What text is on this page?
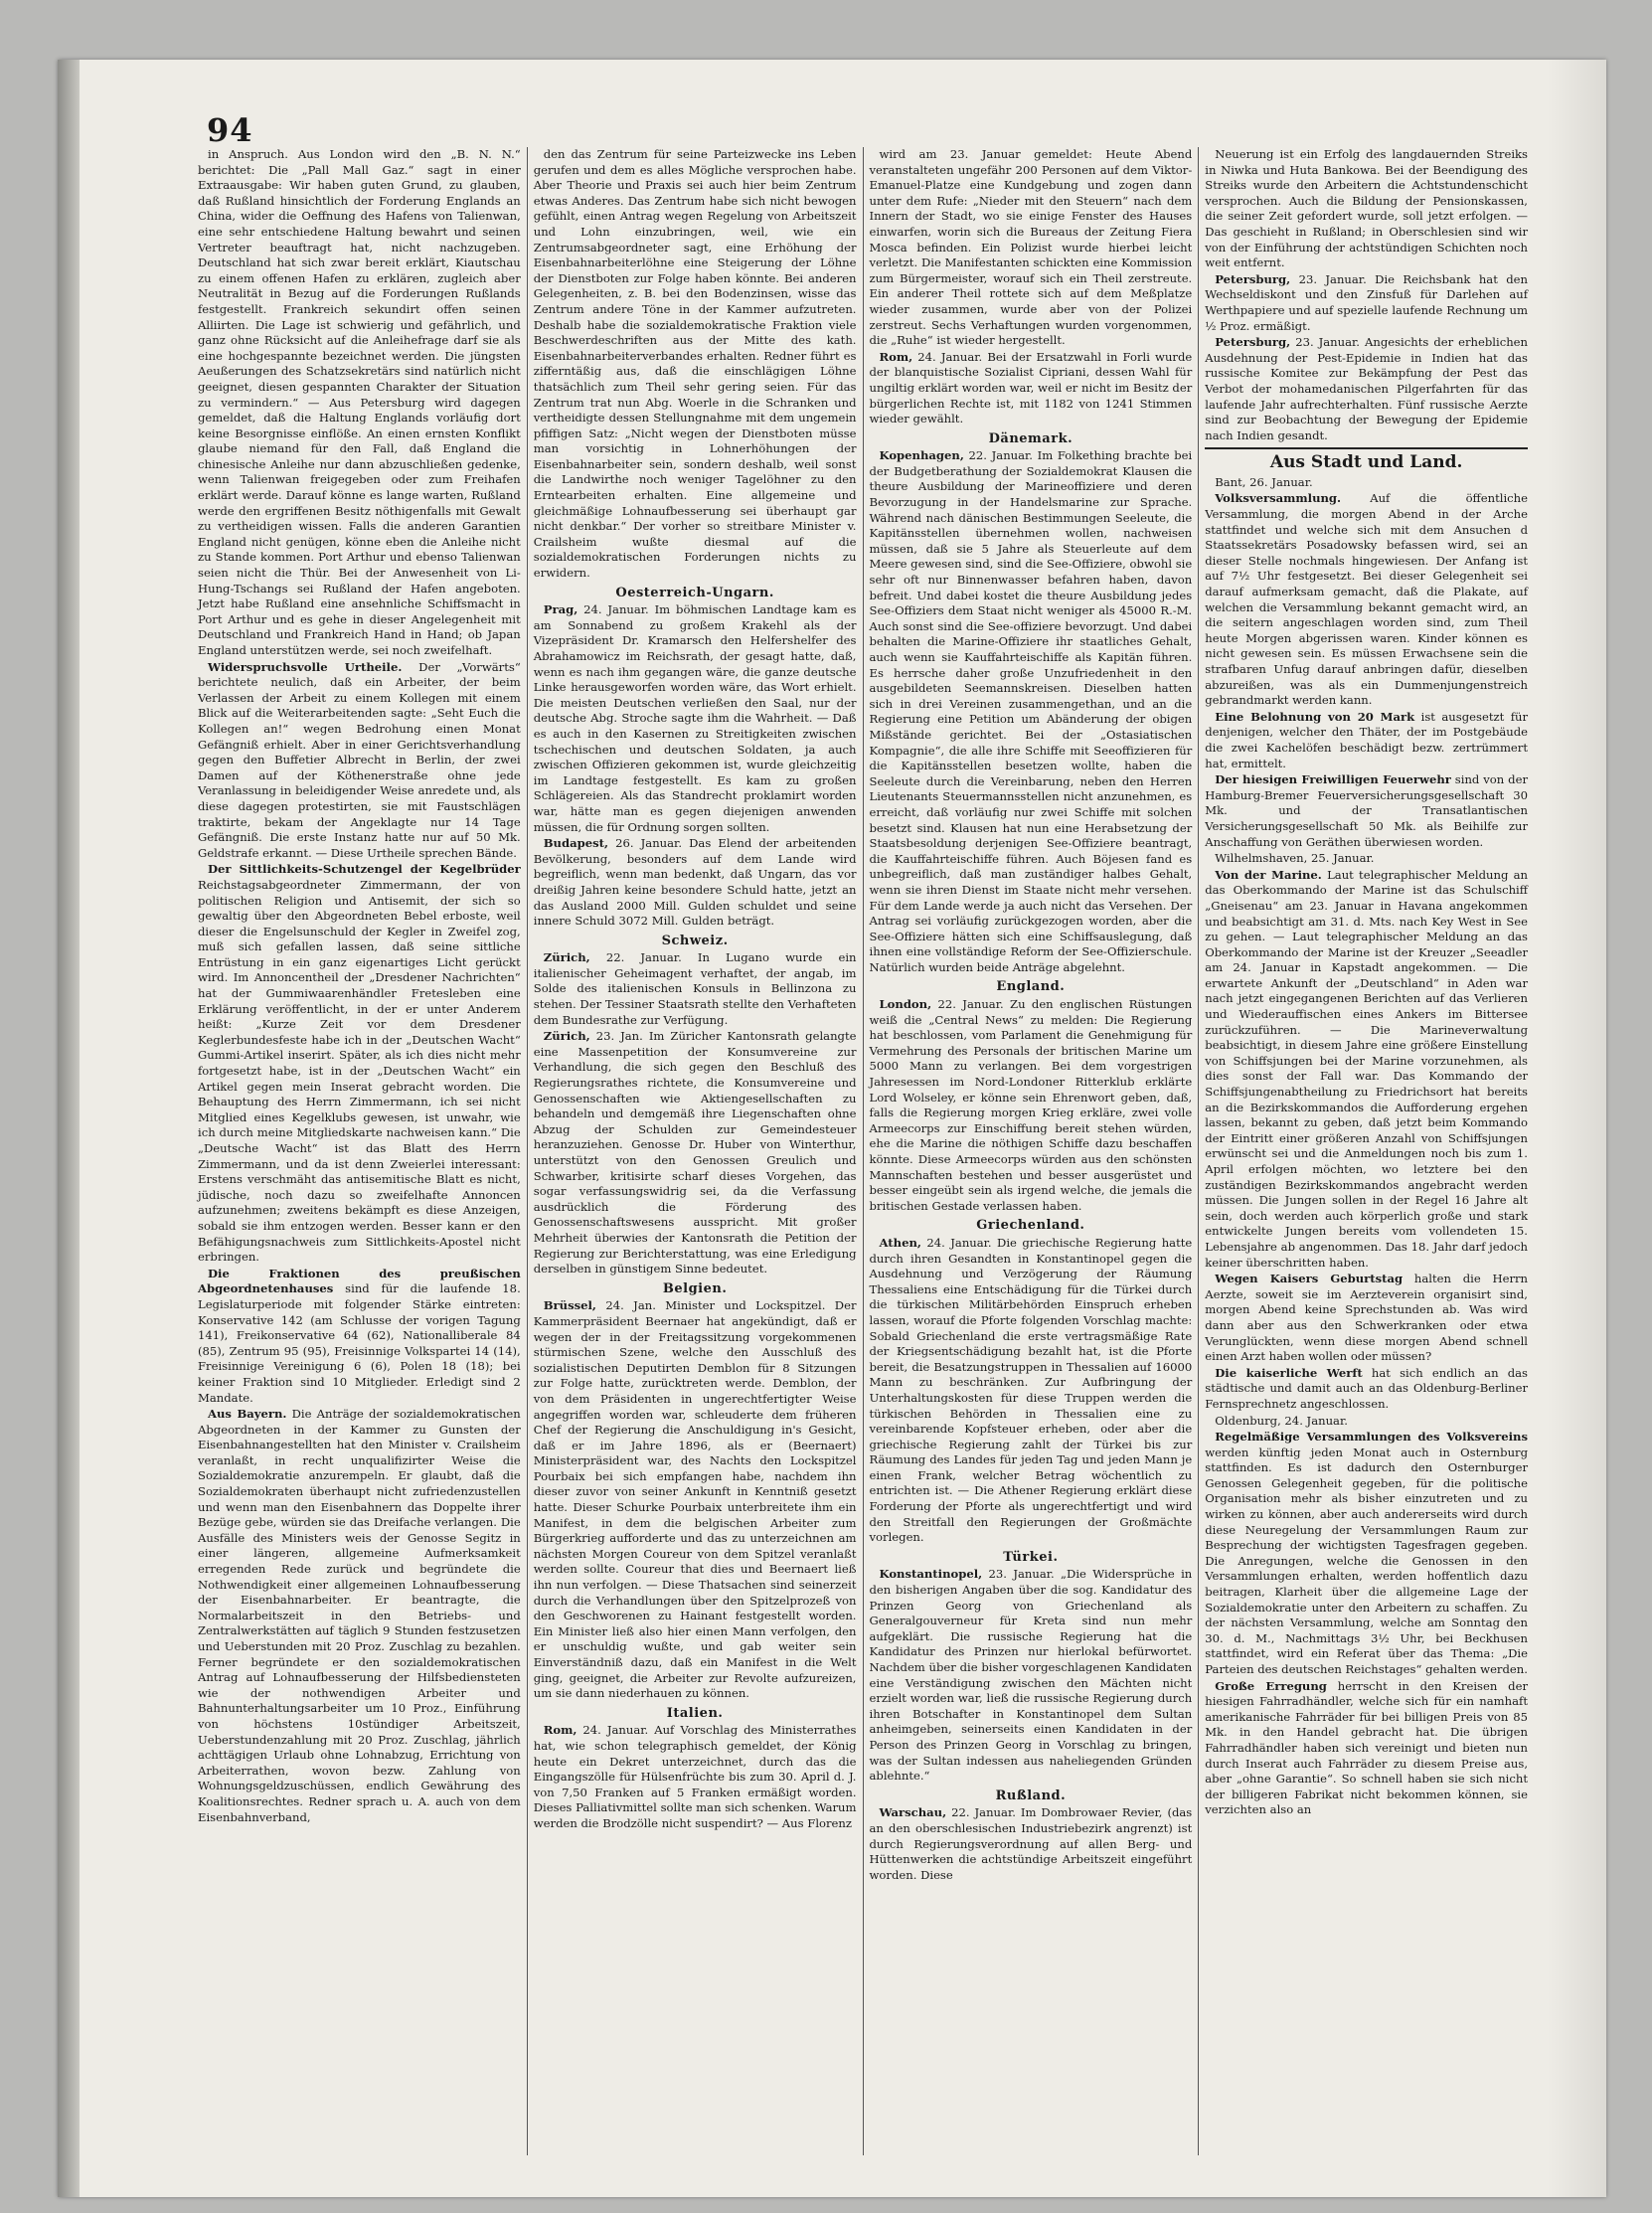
94

in Anspruch. Aus London wird den „B. N. N.“ berichtet: Die „Pall Mall Gaz.“ sagt in einer Extraausgabe: Wir haben guten Grund, zu glauben, daß Rußland hinsichtlich der Forderung Englands an China, wider die Oeffnung des Hafens von Talienwan, eine sehr entschiedene Haltung bewahrt und seinen Vertreter beauftragt hat, nicht nachzugeben. Deutschland hat sich zwar bereit erklärt, Kiautschau zu einem offenen Hafen zu erklären, zugleich aber Neutralität in Bezug auf die Forderungen Rußlands festgestellt. Frankreich sekundirt offen seinen Alliirten. Die Lage ist schwierig und gefährlich, und ganz ohne Rücksicht auf die Anleihefrage darf sie als eine hochgespannte bezeichnet werden. Die jüngsten Aeußerungen des Schatzsekretärs sind natürlich nicht geeignet, diesen gespannten Charakter der Situation zu vermindern.“ — Aus Petersburg wird dagegen gemeldet, daß die Haltung Englands vorläufig dort keine Besorgnisse einflöße. An einen ernsten Konflikt glaube niemand für den Fall, daß England die chinesische Anleihe nur dann abzuschließen gedenke, wenn Talienwan freigegeben oder zum Freihafen erklärt werde. Darauf könne es lange warten, Rußland werde den ergriffenen Besitz nöthigenfalls mit Gewalt zu vertheidigen wissen. Falls die anderen Garantien England nicht genügen, könne eben die Anleihe nicht zu Stande kommen. Port Arthur und ebenso Talienwan seien nicht die Thür. Bei der Anwesenheit von Li-Hung-Tschangs sei Rußland der Hafen angeboten. Jetzt habe Rußland eine ansehnliche Schiffsmacht in Port Arthur und es gehe in dieser Angelegenheit mit Deutschland und Frankreich Hand in Hand; ob Japan England unterstützen werde, sei noch zweifelhaft.

Widerspruchsvolle Urtheile. Der „Vorwärts“ berichtete neulich, daß ein Arbeiter, der beim Verlassen der Arbeit zu einem Kollegen mit einem Blick auf die Weiterarbeitenden sagte: „Seht Euch die Kollegen an!“ wegen Bedrohung einen Monat Gefängniß erhielt. Aber in einer Gerichtsverhandlung gegen den Buffetier Albrecht in Berlin, der zwei Damen auf der Köthenerstraße ohne jede Veranlassung in beleidigender Weise anredete und, als diese dagegen protestirten, sie mit Faustschlägen traktirte, bekam der Angeklagte nur 14 Tage Gefängniß. Die erste Instanz hatte nur auf 50 Mk. Geldstrafe erkannt. — Diese Urtheile sprechen Bände.

Der Sittlichkeits-Schutzengel der Kegelbrüder Reichstagsabgeordneter Zimmermann, der von politischen Religion und Antisemit, der sich so gewaltig über den Abgeordneten Bebel erboste, weil dieser die Engelsunschuld der Kegler in Zweifel zog, muß sich gefallen lassen, daß seine sittliche Entrüstung in ein ganz eigenartiges Licht gerückt wird. Im Annoncentheil der „Dresdener Nachrichten“ hat der Gummiwaarenhändler Fretesleben eine Erklärung veröffentlicht, in der er unter Anderem heißt: „Kurze Zeit vor dem Dresdener Keglerbundesfeste habe ich in der „Deutschen Wacht“ Gummi-Artikel inserirt. Später, als ich dies nicht mehr fortgesetzt habe, ist in der „Deutschen Wacht“ ein Artikel gegen mein Inserat gebracht worden. Die Behauptung des Herrn Zimmermann, ich sei nicht Mitglied eines Kegelklubs gewesen, ist unwahr, wie ich durch meine Mitgliedskarte nachweisen kann.“ Die „Deutsche Wacht“ ist das Blatt des Herrn Zimmermann, und da ist denn Zweierlei interessant: Erstens verschmäht das antisemitische Blatt es nicht, jüdische, noch dazu so zweifelhafte Annoncen aufzunehmen; zweitens bekämpft es diese Anzeigen, sobald sie ihm entzogen werden. Besser kann er den Befähigungsnachweis zum Sittlichkeits-Apostel nicht erbringen.

Die Fraktionen des preußischen Abgeordnetenhauses sind für die laufende 18. Legislaturperiode mit folgender Stärke eintreten: Konservative 142 (am Schlusse der vorigen Tagung 141), Freikonservative 64 (62), Nationalliberale 84 (85), Zentrum 95 (95), Freisinnige Volkspartei 14 (14), Freisinnige Vereinigung 6 (6), Polen 18 (18); bei keiner Fraktion sind 10 Mitglieder. Erledigt sind 2 Mandate.

Aus Bayern. Die Anträge der sozialdemokratischen Abgeordneten in der Kammer zu Gunsten der Eisenbahnangestellten hat den Minister v. Crailsheim veranlaßt, in recht unqualifizirter Weise die Sozialdemokratie anzurempeln. Er glaubt, daß die Sozialdemokraten überhaupt nicht zufriedenzustellen und wenn man den Eisenbahnern das Doppelte ihrer Bezüge gebe, würden sie das Dreifache verlangen. Die Ausfälle des Ministers weis der Genosse Segitz in einer längeren, allgemeine Aufmerksamkeit erregenden Rede zurück und begründete die Nothwendigkeit einer allgemeinen Lohnaufbesserung der Eisenbahnarbeiter. Er beantragte, die Normalarbeitszeit in den Betriebs- und Zentralwerkstätten auf täglich 9 Stunden festzusetzen und Ueberstunden mit 20 Proz. Zuschlag zu bezahlen. Ferner begründete er den sozialdemokratischen Antrag auf Lohnaufbesserung der Hilfsbediensteten wie der nothwendigen Arbeiter und Bahnunterhaltungsarbeiter um 10 Proz., Einführung von höchstens 10stündiger Arbeitszeit, Ueberstundenzahlung mit 20 Proz. Zuschlag, jährlich achttägigen Urlaub ohne Lohnabzug, Errichtung von Arbeiterrathen, wovon bezw. Zahlung von Wohnungsgeldzuschüssen, endlich Gewährung des Koalitionsrechtes. Redner sprach u. A. auch von dem Eisenbahnverband,

den das Zentrum für seine Parteizwecke ins Leben gerufen und dem es alles Mögliche versprochen habe. Aber Theorie und Praxis sei auch hier beim Zentrum etwas Anderes. Das Zentrum habe sich nicht bewogen gefühlt, einen Antrag wegen Regelung von Arbeitszeit und Lohn einzubringen, weil, wie ein Zentrumsabgeordneter sagt, eine Erhöhung der Eisenbahnarbeiterlöhne eine Steigerung der Löhne der Dienstboten zur Folge haben könnte. Bei anderen Gelegenheiten, z. B. bei den Bodenzinsen, wisse das Zentrum andere Töne in der Kammer aufzutreten. Deshalb habe die sozialdemokratische Fraktion viele Beschwerdeschriften aus der Mitte des kath. Eisenbahnarbeiterverbandes erhalten. Redner führt es zifferntäßig aus, daß die einschlägigen Löhne thatsächlich zum Theil sehr gering seien. Für das Zentrum trat nun Abg. Woerle in die Schranken und vertheidigte dessen Stellungnahme mit dem ungemein pfiffigen Satz: „Nicht wegen der Dienstboten müsse man vorsichtig in Lohnerhöhungen der Eisenbahnarbeiter sein, sondern deshalb, weil sonst die Landwirthe noch weniger Tagelöhner zu den Erntearbeiten erhalten. Eine allgemeine und gleichmäßige Lohnaufbesserung sei überhaupt gar nicht denkbar.“ Der vorher so streitbare Minister v. Crailsheim wußte diesmal auf die sozialdemokratischen Forderungen nichts zu erwidern.

Oesterreich-Ungarn.

Prag, 24. Januar. Im böhmischen Landtage kam es am Sonnabend zu großem Krakehl als der Vizepräsident Dr. Kramarsch den Helfershelfer des Abrahamowicz im Reichsrath, der gesagt hatte, daß, wenn es nach ihm gegangen wäre, die ganze deutsche Linke herausgeworfen worden wäre, das Wort erhielt. Die meisten Deutschen verließen den Saal, nur der deutsche Abg. Stroche sagte ihm die Wahrheit. — Daß es auch in den Kasernen zu Streitigkeiten zwischen tschechischen und deutschen Soldaten, ja auch zwischen Offizieren gekommen ist, wurde gleichzeitig im Landtage festgestellt. Es kam zu großen Schlägereien. Als das Standrecht proklamirt worden war, hätte man es gegen diejenigen anwenden müssen, die für Ordnung sorgen sollten.

Budapest, 26. Januar. Das Elend der arbeitenden Bevölkerung, besonders auf dem Lande wird begreiflich, wenn man bedenkt, daß Ungarn, das vor dreißig Jahren keine besondere Schuld hatte, jetzt an das Ausland 2000 Mill. Gulden schuldet und seine innere Schuld 3072 Mill. Gulden beträgt.

Schweiz.

Zürich, 22. Januar. In Lugano wurde ein italienischer Geheimagent verhaftet, der angab, im Solde des italienischen Konsuls in Bellinzona zu stehen. Der Tessiner Staatsrath stellte den Verhafteten dem Bundesrathe zur Verfügung.

Zürich, 23. Jan. Im Züricher Kantonsrath gelangte eine Massenpetition der Konsumvereine zur Verhandlung, die sich gegen den Beschluß des Regierungsrathes richtete, die Konsumvereine und Genossenschaften wie Aktiengesellschaften zu behandeln und demgemäß ihre Liegenschaften ohne Abzug der Schulden zur Gemeindesteuer heranzuziehen. Genosse Dr. Huber von Winterthur, unterstützt von den Genossen Greulich und Schwarber, kritisirte scharf dieses Vorgehen, das sogar verfassungswidrig sei, da die Verfassung ausdrücklich die Förderung des Genossenschaftswesens ausspricht. Mit großer Mehrheit überwies der Kantonsrath die Petition der Regierung zur Berichterstattung, was eine Erledigung derselben in günstigem Sinne bedeutet.

Belgien.

Brüssel, 24. Jan. Minister und Lockspitzel. Der Kammerpräsident Beernaer hat angekündigt, daß er wegen der in der Freitagssitzung vorgekommenen stürmischen Szene, welche den Ausschluß des sozialistischen Deputirten Demblon für 8 Sitzungen zur Folge hatte, zurücktreten werde. Demblon, der von dem Präsidenten in ungerechtfertigter Weise angegriffen worden war, schleuderte dem früheren Chef der Regierung die Anschuldigung in's Gesicht, daß er im Jahre 1896, als er (Beernaert) Ministerpräsident war, des Nachts den Lockspitzel Pourbaix bei sich empfangen habe, nachdem ihn dieser zuvor von seiner Ankunft in Kenntniß gesetzt hatte. Dieser Schurke Pourbaix unterbreitete ihm ein Manifest, in dem die belgischen Arbeiter zum Bürgerkrieg aufforderte und das zu unterzeichnen am nächsten Morgen Coureur von dem Spitzel veranlaßt werden sollte. Coureur that dies und Beernaert ließ ihn nun verfolgen. — Diese Thatsachen sind seinerzeit durch die Verhandlungen über den Spitzelprozeß von den Geschworenen zu Hainant festgestellt worden. Ein Minister ließ also hier einen Mann verfolgen, den er unschuldig wußte, und gab weiter sein Einverständniß dazu, daß ein Manifest in die Welt ging, geeignet, die Arbeiter zur Revolte aufzureizen, um sie dann niederhauen zu können.

Italien.

Rom, 24. Januar. Auf Vorschlag des Ministerrathes hat, wie schon telegraphisch gemeldet, der König heute ein Dekret unterzeichnet, durch das die Eingangszölle für Hülsenfrüchte bis zum 30. April d. J. von 7,50 Franken auf 5 Franken ermäßigt worden. Dieses Palliativmittel sollte man sich schenken. Warum werden die Brodzölle nicht suspendirt? — Aus Florenz

wird am 23. Januar gemeldet: Heute Abend veranstalteten ungefähr 200 Personen auf dem Viktor-Emanuel-Platze eine Kundgebung und zogen dann unter dem Rufe: „Nieder mit den Steuern“ nach dem Innern der Stadt, wo sie einige Fenster des Hauses einwarfen, worin sich die Bureaus der Zeitung Fiera Mosca befinden. Ein Polizist wurde hierbei leicht verletzt. Die Manifestanten schickten eine Kommission zum Bürgermeister, worauf sich ein Theil zerstreute. Ein anderer Theil rottete sich auf dem Meßplatze wieder zusammen, wurde aber von der Polizei zerstreut. Sechs Verhaftungen wurden vorgenommen, die „Ruhe“ ist wieder hergestellt.

Rom, 24. Januar. Bei der Ersatzwahl in Forli wurde der blanquistische Sozialist Cipriani, dessen Wahl für ungiltig erklärt worden war, weil er nicht im Besitz der bürgerlichen Rechte ist, mit 1182 von 1241 Stimmen wieder gewählt.

Dänemark.

Kopenhagen, 22. Januar. Im Folkething brachte bei der Budgetberathung der Sozialdemokrat Klausen die theure Ausbildung der Marineoffiziere und deren Bevorzugung in der Handelsmarine zur Sprache. Während nach dänischen Bestimmungen Seeleute, die Kapitänsstellen übernehmen wollen, nachweisen müssen, daß sie 5 Jahre als Steuerleute auf dem Meere gewesen sind, sind die See-Offiziere, obwohl sie sehr oft nur Binnenwasser befahren haben, davon befreit. Und dabei kostet die theure Ausbildung jedes See-Offiziers dem Staat nicht weniger als 45000 R.-M. Auch sonst sind die See-offiziere bevorzugt. Und dabei behalten die Marine-Offiziere ihr staatliches Gehalt, auch wenn sie Kauffahrteischiffe als Kapitän führen. Es herrsche daher große Unzufriedenheit in den ausgebildeten Seemannskreisen. Dieselben hatten sich in drei Vereinen zusammengethan, und an die Regierung eine Petition um Abänderung der obigen Mißstände gerichtet. Bei der „Ostasiatischen Kompagnie“, die alle ihre Schiffe mit Seeoffizieren für die Kapitänsstellen besetzen wollte, haben die Seeleute durch die Vereinbarung, neben den Herren Lieutenants Steuermannsstellen nicht anzunehmen, es erreicht, daß vorläufig nur zwei Schiffe mit solchen besetzt sind. Klausen hat nun eine Herabsetzung der Staatsbesoldung derjenigen See-Offiziere beantragt, die Kauffahrteischiffe führen. Auch Böjesen fand es unbegreiflich, daß man zuständiger halbes Gehalt, wenn sie ihren Dienst im Staate nicht mehr versehen. Für dem Lande werde ja auch nicht das Versehen. Der Antrag sei vorläufig zurückgezogen worden, aber die See-Offiziere hätten sich eine Schiffsauslegung, daß ihnen eine vollständige Reform der See-Offizierschule. Natürlich wurden beide Anträge abgelehnt.

England.

London, 22. Januar. Zu den englischen Rüstungen weiß die „Central News“ zu melden: Die Regierung hat beschlossen, vom Parlament die Genehmigung für Vermehrung des Personals der britischen Marine um 5000 Mann zu verlangen. Bei dem vorgestrigen Jahresessen im Nord-Londoner Ritterklub erklärte Lord Wolseley, er könne sein Ehrenwort geben, daß, falls die Regierung morgen Krieg erkläre, zwei volle Armeecorps zur Einschiffung bereit stehen würden, ehe die Marine die nöthigen Schiffe dazu beschaffen könnte. Diese Armeecorps würden aus den schönsten Mannschaften bestehen und besser ausgerüstet und besser eingeübt sein als irgend welche, die jemals die britischen Gestade verlassen haben.

Griechenland.

Athen, 24. Januar. Die griechische Regierung hatte durch ihren Gesandten in Konstantinopel gegen die Ausdehnung und Verzögerung der Räumung Thessaliens eine Entschädigung für die Türkei durch die türkischen Militärbehörden Einspruch erheben lassen, worauf die Pforte folgenden Vorschlag machte: Sobald Griechenland die erste vertragsmäßige Rate der Kriegsentschädigung bezahlt hat, ist die Pforte bereit, die Besatzungstruppen in Thessalien auf 16000 Mann zu beschränken. Zur Aufbringung der Unterhaltungskosten für diese Truppen werden die türkischen Behörden in Thessalien eine zu vereinbarende Kopfsteuer erheben, oder aber die griechische Regierung zahlt der Türkei bis zur Räumung des Landes für jeden Tag und jeden Mann je einen Frank, welcher Betrag wöchentlich zu entrichten ist. — Die Athener Regierung erklärt diese Forderung der Pforte als ungerechtfertigt und wird den Streitfall den Regierungen der Großmächte vorlegen.

Türkei.

Konstantinopel, 23. Januar. „Die Widersprüche in den bisherigen Angaben über die sog. Kandidatur des Prinzen Georg von Griechenland als Generalgouverneur für Kreta sind nun mehr aufgeklärt. Die russische Regierung hat die Kandidatur des Prinzen nur hierlokal befürwortet. Nachdem über die bisher vorgeschlagenen Kandidaten eine Verständigung zwischen den Mächten nicht erzielt worden war, ließ die russische Regierung durch ihren Botschafter in Konstantinopel dem Sultan anheimgeben, seinerseits einen Kandidaten in der Person des Prinzen Georg in Vorschlag zu bringen, was der Sultan indessen aus naheliegenden Gründen ablehnte.“

Rußland.

Warschau, 22. Januar. Im Dombrowaer Revier, (das an den oberschlesischen Industriebezirk angrenzt) ist durch Regierungsverordnung auf allen Berg- und Hüttenwerken die achtstündige Arbeitszeit eingeführt worden. Diese

Neuerung ist ein Erfolg des langdauernden Streiks in Niwka und Huta Bankowa. Bei der Beendigung des Streiks wurde den Arbeitern die Achtstundenschicht versprochen. Auch die Bildung der Pensionskassen, die seiner Zeit gefordert wurde, soll jetzt erfolgen. — Das geschieht in Rußland; in Oberschlesien sind wir von der Einführung der achtstündigen Schichten noch weit entfernt.

Petersburg, 23. Januar. Die Reichsbank hat den Wechseldiskont und den Zinsfuß für Darlehen auf Werthpapiere und auf spezielle laufende Rechnung um ½ Proz. ermäßigt.

Petersburg, 23. Januar. Angesichts der erheblichen Ausdehnung der Pest-Epidemie in Indien hat das russische Komitee zur Bekämpfung der Pest das Verbot der mohamedanischen Pilgerfahrten für das laufende Jahr aufrechterhalten. Fünf russische Aerzte sind zur Beobachtung der Bewegung der Epidemie nach Indien gesandt.

Aus Stadt und Land.

Bant, 26. Januar.

Volksversammlung.	Auf die öffentliche Versammlung, die morgen Abend in der Arche stattfindet und welche sich mit dem Ansuchen d Staatssekretärs Posadowsky befassen wird, sei an dieser Stelle nochmals hingewiesen. Der Anfang ist auf 7½ Uhr festgesetzt. Bei dieser Gelegenheit sei darauf aufmerksam gemacht, daß die Plakate, auf welchen die Versammlung bekannt gemacht wird, an die seitern angeschlagen worden sind, zum Theil heute Morgen abgerissen waren. Kinder können es nicht gewesen sein. Es müssen Erwachsene sein die strafbaren Unfug darauf anbringen dafür, dieselben abzureißen, was als ein Dummenjungenstreich gebrandmarkt werden kann.

Eine Belohnung von 20 Mark ist ausgesetzt für denjenigen, welcher den Thäter, der im Postgebäude die zwei Kachelöfen beschädigt bezw. zertrümmert hat, ermittelt.

Der hiesigen Freiwilligen Feuerwehr sind von der Hamburg-Bremer Feuerversicherungsgesellschaft 30 Mk. und der Transatlantischen Versicherungsgesellschaft 50 Mk. als Beihilfe zur Anschaffung von Geräthen überwiesen worden.

Wilhelmshaven, 25. Januar.

Von der Marine. Laut telegraphischer Meldung an das Oberkommando der Marine ist das Schulschiff „Gneisenau“ am 23. Januar in Havana angekommen und beabsichtigt am 31. d. Mts. nach Key West in See zu gehen. — Laut telegraphischer Meldung an das Oberkommando der Marine ist der Kreuzer „Seeadler am 24. Januar in Kapstadt angekommen. — Die erwartete Ankunft der „Deutschland“ in Aden war nach jetzt eingegangenen Berichten auf das Verlieren und Wiederauffischen eines Ankers im Bittersee zurückzuführen. — Die Marineverwaltung beabsichtigt, in diesem Jahre eine größere Einstellung von Schiffsjungen bei der Marine vorzunehmen, als dies sonst der Fall war. Das Kommando der Schiffsjungenabtheilung zu Friedrichsort hat bereits an die Bezirkskommandos die Aufforderung ergehen lassen, bekannt zu geben, daß jetzt beim Kommando der Eintritt einer größeren Anzahl von Schiffsjungen erwünscht sei und die Anmeldungen noch bis zum 1. April erfolgen möchten, wo letztere bei den zuständigen Bezirkskommandos angebracht werden müssen. Die Jungen sollen in der Regel 16 Jahre alt sein, doch werden auch körperlich große und stark entwickelte Jungen bereits vom vollendeten 15. Lebensjahre ab angenommen. Das 18. Jahr darf jedoch keiner überschritten haben.

Wegen Kaisers Geburtstag halten die Herrn Aerzte, soweit sie im Aerzteverein organisirt sind, morgen Abend keine Sprechstunden ab. Was wird dann aber aus den Schwerkranken oder etwa Verunglückten, wenn diese morgen Abend schnell einen Arzt haben wollen oder müssen?

Die kaiserliche Werft hat sich endlich an das städtische und damit auch an das Oldenburg-Berliner Fernsprechnetz angeschlossen.

Oldenburg, 24. Januar.

Regelmäßige Versammlungen des Volksvereins werden künftig jeden Monat auch in Osternburg stattfinden. Es ist dadurch den Osternburger Genossen Gelegenheit gegeben, für die politische Organisation mehr als bisher einzutreten und zu wirken zu können, aber auch andererseits wird durch diese Neuregelung der Versammlungen Raum zur Besprechung der wichtigsten Tagesfragen gegeben. Die Anregungen, welche die Genossen in den Versammlungen erhalten, werden hoffentlich dazu beitragen, Klarheit über die allgemeine Lage der Sozialdemokratie unter den Arbeitern zu schaffen. Zu der nächsten Versammlung, welche am Sonntag den 30. d. M., Nachmittags 3½ Uhr, bei Beckhusen stattfindet, wird ein Referat über das Thema: „Die Parteien des deutschen Reichstages“ gehalten werden.

Große Erregung herrscht in den Kreisen der hiesigen Fahrradhändler, welche sich für ein namhaft amerikanische Fahrräder für bei billigen Preis von 85 Mk. in den Handel gebracht hat. Die übrigen Fahrradhändler haben sich vereinigt und bieten nun durch Inserat auch Fahrräder zu diesem Preise aus, aber „ohne Garantie“. So schnell haben sie sich nicht der billigeren Fabrikat nicht bekommen können, sie verzichten also an
